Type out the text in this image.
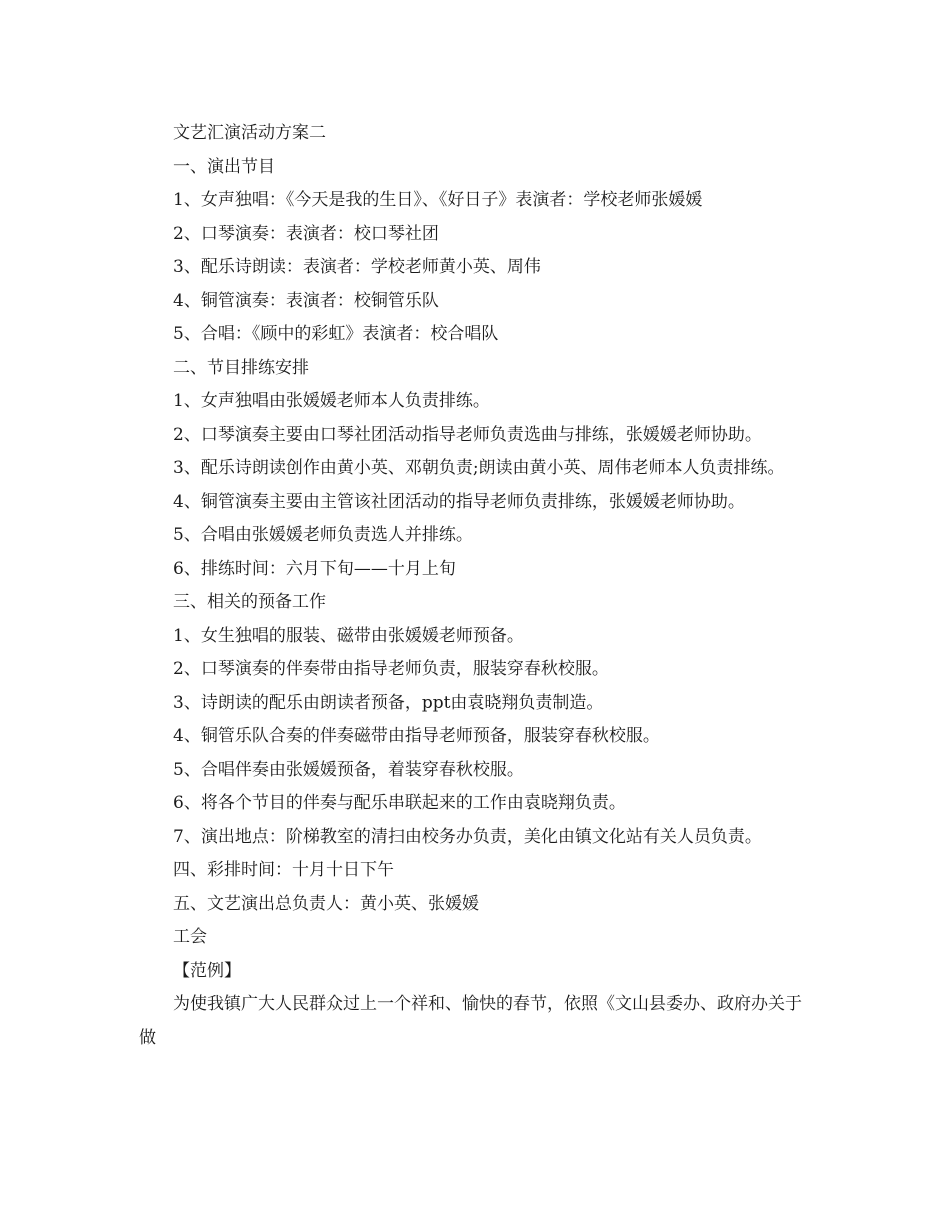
文艺汇演活动方案二

一、演出节目

1、女声独唱：《今天是我的生日》、《好日子》表演者：学校老师张媛媛

2、口琴演奏：表演者：校口琴社团

3、配乐诗朗读：表演者：学校老师黄小英、周伟

4、铜管演奏：表演者：校铜管乐队

5、合唱：《顾中的彩虹》表演者：校合唱队

二、节目排练安排

1、女声独唱由张媛媛老师本人负责排练。

2、口琴演奏主要由口琴社团活动指导老师负责选曲与排练，张媛媛老师协助。

3、配乐诗朗读创作由黄小英、邓朝负责;朗读由黄小英、周伟老师本人负责排练。

4、铜管演奏主要由主管该社团活动的指导老师负责排练，张媛媛老师协助。

5、合唱由张媛媛老师负责选人并排练。

6、排练时间：六月下旬——十月上旬

三、相关的预备工作

1、女生独唱的服装、磁带由张媛媛老师预备。

2、口琴演奏的伴奏带由指导老师负责，服装穿春秋校服。

3、诗朗读的配乐由朗读者预备，ppt由袁晓翔负责制造。

4、铜管乐队合奏的伴奏磁带由指导老师预备，服装穿春秋校服。

5、合唱伴奏由张媛媛预备，着装穿春秋校服。

6、将各个节目的伴奏与配乐串联起来的工作由袁晓翔负责。

7、演出地点：阶梯教室的清扫由校务办负责，美化由镇文化站有关人员负责。

四、彩排时间：十月十日下午

五、文艺演出总负责人：黄小英、张媛媛

工会

【范例】

为使我镇广大人民群众过上一个祥和、愉快的春节，依照《文山县委办、政府办关于做
